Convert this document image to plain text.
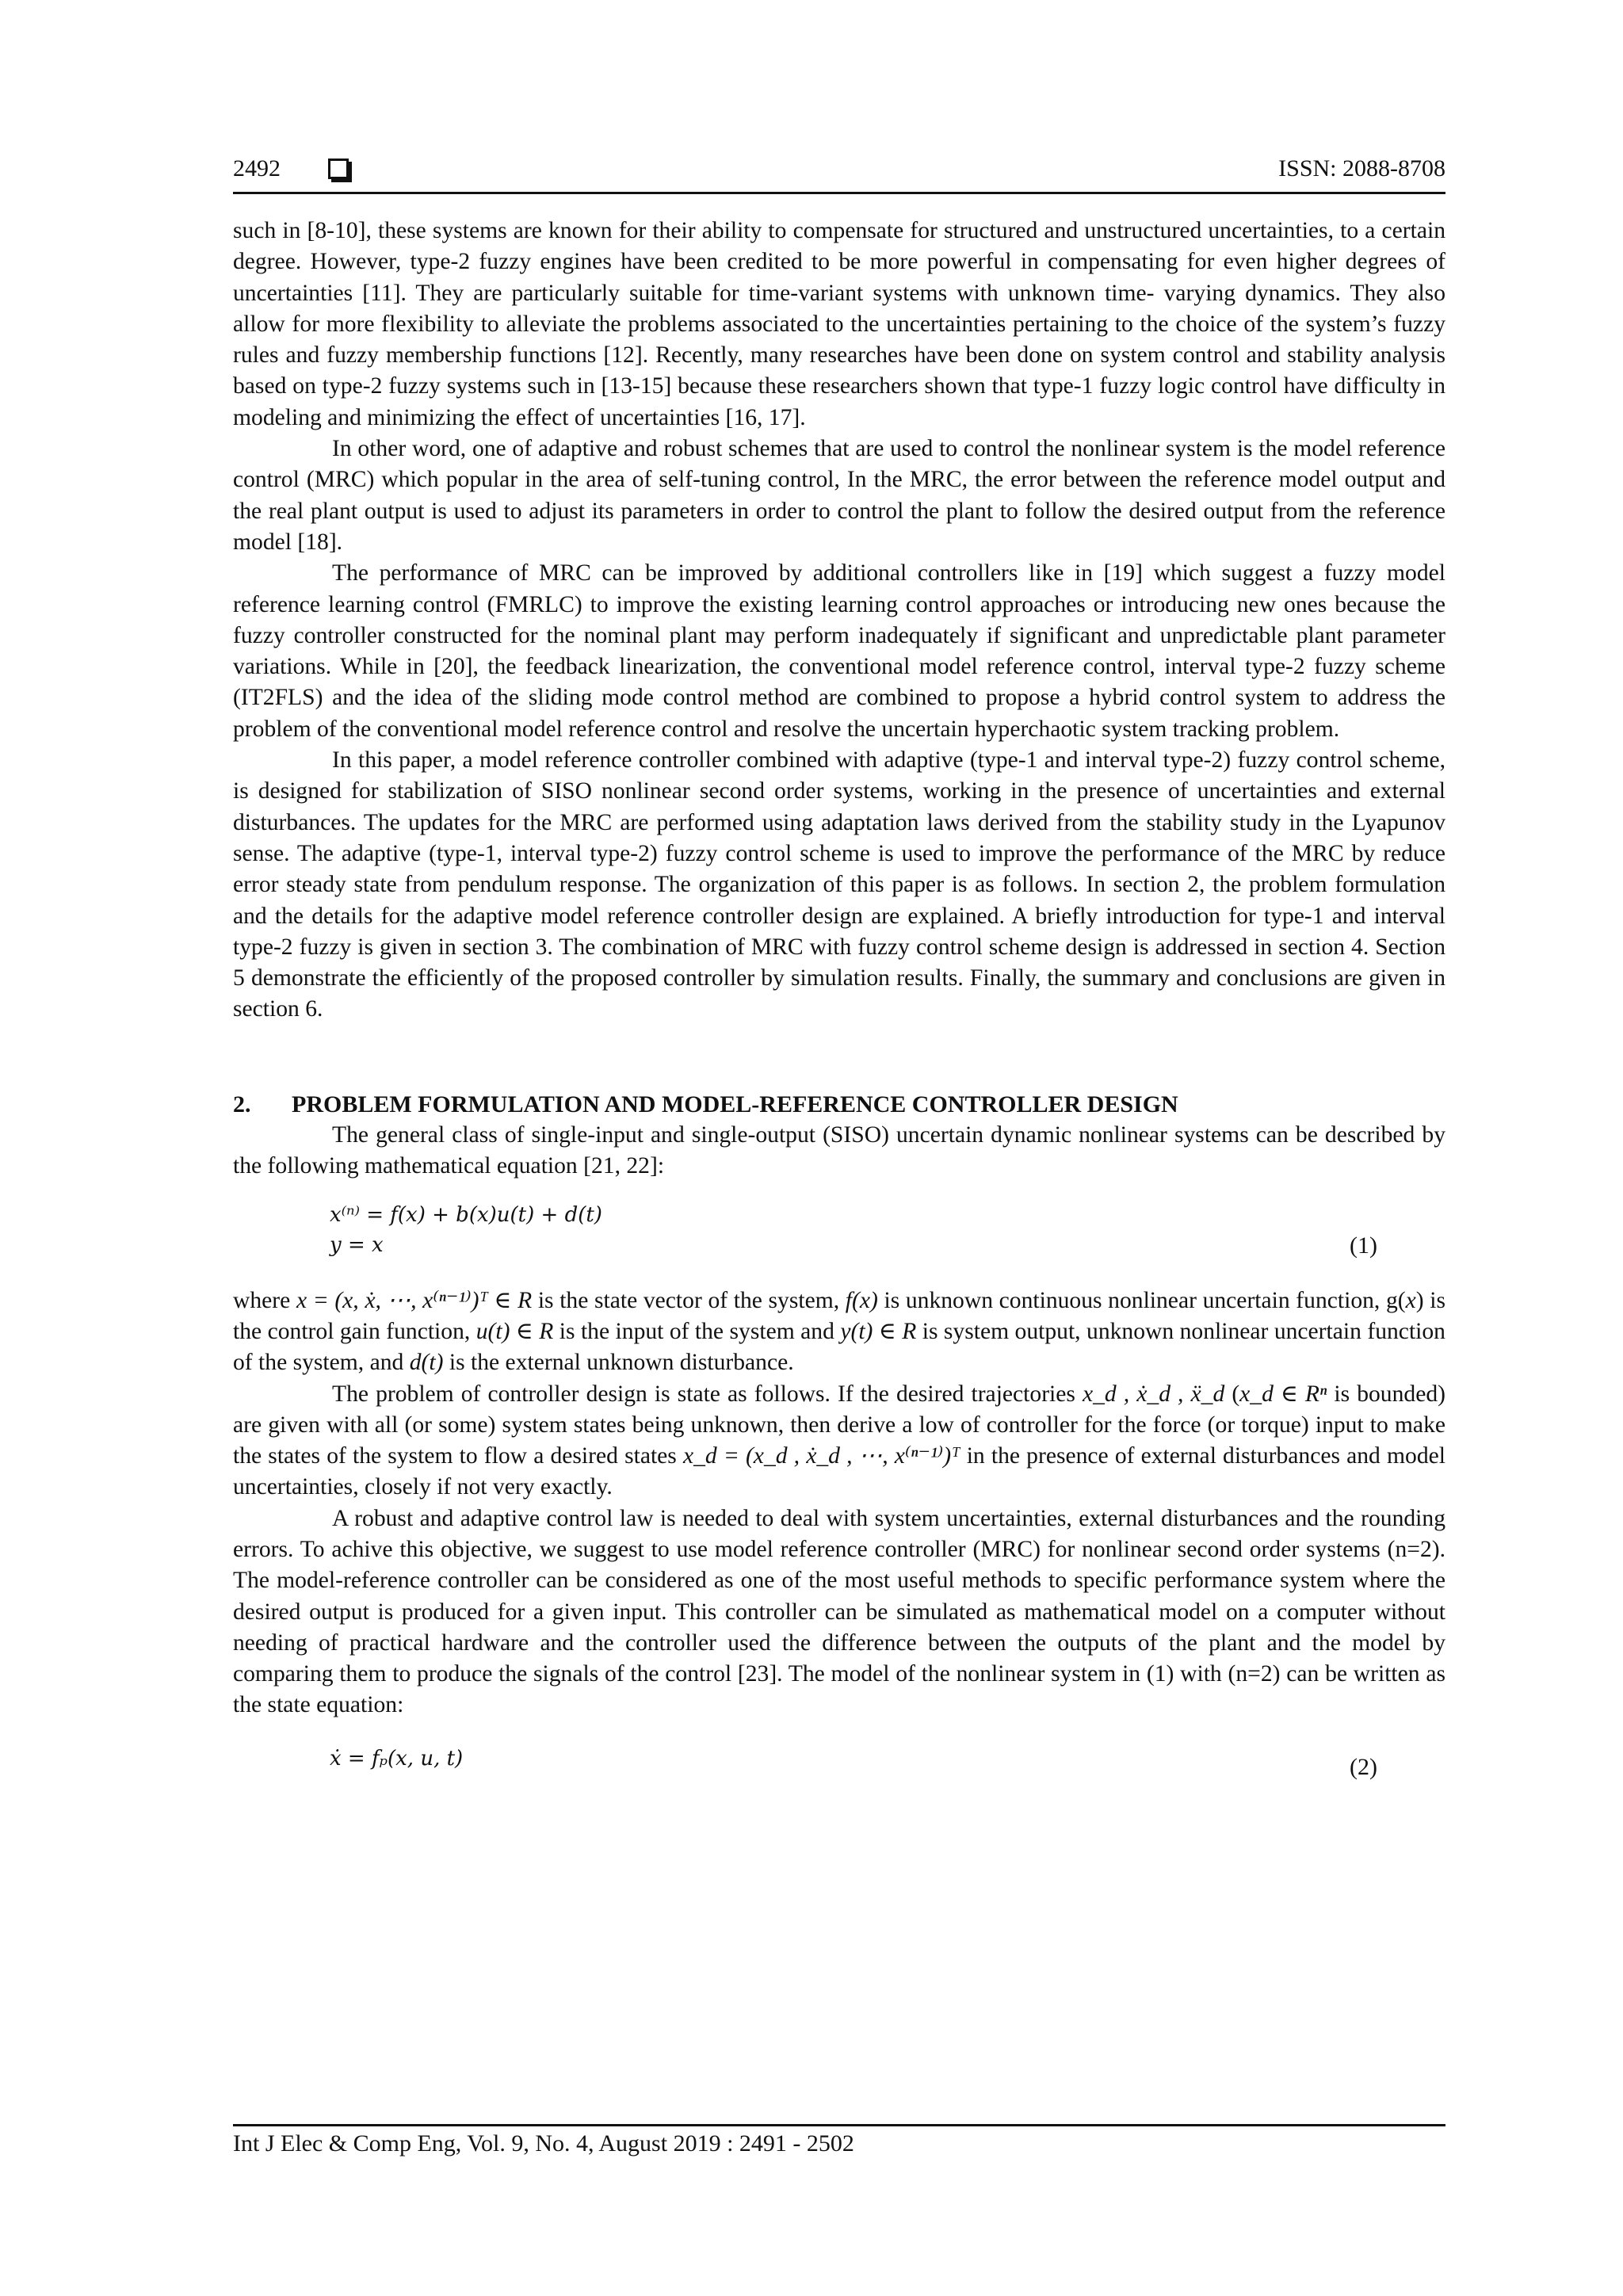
2492	ISSN: 2088-8708

such in [8-10], these systems are known for their ability to compensate for structured and unstructured uncertainties, to a certain degree. However, type-2 fuzzy engines have been credited to be more powerful in compensating for even higher degrees of uncertainties [11]. They are particularly suitable for time-variant systems with unknown time- varying dynamics. They also allow for more flexibility to alleviate the problems associated to the uncertainties pertaining to the choice of the system’s fuzzy rules and fuzzy membership functions [12]. Recently, many researches have been done on system control and stability analysis based on type-2 fuzzy systems such in [13-15] because these researchers shown that type-1 fuzzy logic control have difficulty in modeling and minimizing the effect of uncertainties [16, 17].

In other word, one of adaptive and robust schemes that are used to control the nonlinear system is the model reference control (MRC) which popular in the area of self-tuning control, In the MRC, the error between the reference model output and the real plant output is used to adjust its parameters in order to control the plant to follow the desired output from the reference model [18].

The performance of MRC can be improved by additional controllers like in [19] which suggest a fuzzy model reference learning control (FMRLC) to improve the existing learning control approaches or introducing new ones because the fuzzy controller constructed for the nominal plant may perform inadequately if significant and unpredictable plant parameter variations. While in [20], the feedback linearization, the conventional model reference control, interval type-2 fuzzy scheme (IT2FLS) and the idea of the sliding mode control method are combined to propose a hybrid control system to address the problem of the conventional model reference control and resolve the uncertain hyperchaotic system tracking problem.

In this paper, a model reference controller combined with adaptive (type-1 and interval type-2) fuzzy control scheme, is designed for stabilization of SISO nonlinear second order systems, working in the presence of uncertainties and external disturbances. The updates for the MRC are performed using adaptation laws derived from the stability study in the Lyapunov sense. The adaptive (type-1, interval type-2) fuzzy control scheme is used to improve the performance of the MRC by reduce error steady state from pendulum response. The organization of this paper is as follows. In section 2, the problem formulation and the details for the adaptive model reference controller design are explained. A briefly introduction for type-1 and interval type-2 fuzzy is given in section 3. The combination of MRC with fuzzy control scheme design is addressed in section 4. Section 5 demonstrate the efficiently of the proposed controller by simulation results. Finally, the summary and conclusions are given in section 6.

2. PROBLEM FORMULATION AND MODEL-REFERENCE CONTROLLER DESIGN

The general class of single-input and single-output (SISO) uncertain dynamic nonlinear systems can be described by the following mathematical equation [21, 22]:

x⁽ⁿ⁾ = f(x) + b(x)u(t) + d(t)
y = x	(1)

where x = (x, ẋ, ⋯, x⁽ⁿ⁻¹⁾)ᵀ ∈ R is the state vector of the system, f(x) is unknown continuous nonlinear uncertain function, g(x) is the control gain function, u(t) ∈ R is the input of the system and y(t) ∈ R is system output, unknown nonlinear uncertain function of the system, and d(t) is the external unknown disturbance.

The problem of controller design is state as follows. If the desired trajectories x_d , ẋ_d , ẍ_d (x_d ∈ Rⁿ is bounded) are given with all (or some) system states being unknown, then derive a low of controller for the force (or torque) input to make the states of the system to flow a desired states x_d = (x_d , ẋ_d , ⋯, x⁽ⁿ⁻¹⁾)ᵀ in the presence of external disturbances and model uncertainties, closely if not very exactly.

A robust and adaptive control law is needed to deal with system uncertainties, external disturbances and the rounding errors. To achive this objective, we suggest to use model reference controller (MRC) for nonlinear second order systems (n=2). The model-reference controller can be considered as one of the most useful methods to specific performance system where the desired output is produced for a given input. This controller can be simulated as mathematical model on a computer without needing of practical hardware and the controller used the difference between the outputs of the plant and the model by comparing them to produce the signals of the control [23]. The model of the nonlinear system in (1) with (n=2) can be written as the state equation:

ẋ = fₚ(x, u, t)	(2)
Int J Elec & Comp Eng, Vol. 9, No. 4, August 2019 : 2491 - 2502
